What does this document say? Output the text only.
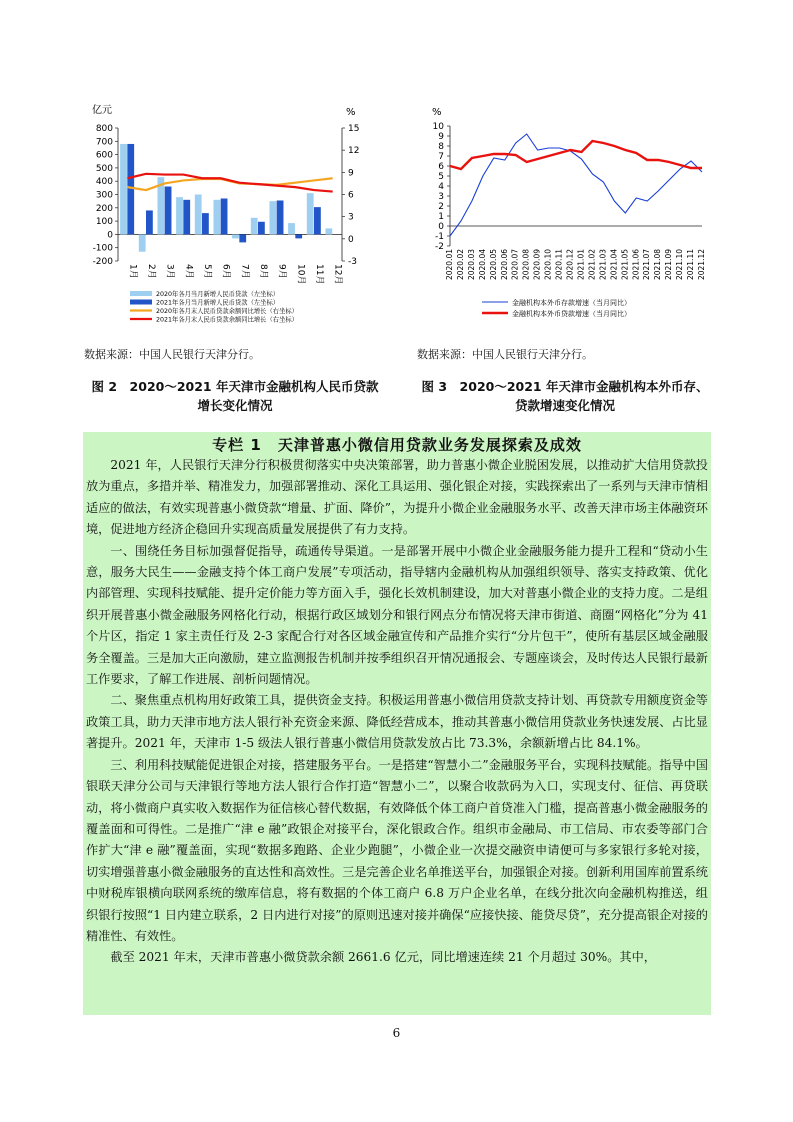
亿元	%
-200
-100
0
100
200
300
400
500
600
700
800
-3
0
3
6
9
12
15
1月 2月 3月 4月 5月 6月 7月 8月 9月 10月 11月 12月
2020年各月当月新增人民币贷款（左坐标）
2021年各月当月新增人民币贷款（左坐标）
2020年各月末人民币贷款余额同比增长（右坐标）
2021年各月末人民币贷款余额同比增长（右坐标）
%
-2
-1
0
1
2
3
4
5
6
7
8
9
10
2020.01 2020.02 2020.03 2020.04 2020.05 2020.06 2020.07 2020.08 2020.09 2020.10 2020.11 2020.12 2021.01 2021.02 2021.03 2021.04 2021.05 2021.06 2021.07 2021.08 2021.09 2021.10 2021.11 2021.12
金融机构本外币存款增速（当月同比）
金融机构本外币贷款增速（当月同比）
数据来源：中国人民银行天津分行。	数据来源：中国人民银行天津分行。
图 2　2020～2021 年天津市金融机构人民币贷款
增长变化情况
图 3　2020～2021 年天津市金融机构本外币存、
贷款增速变化情况
专栏 1　天津普惠小微信用贷款业务发展探索及成效

2021 年，人民银行天津分行积极贯彻落实中央决策部署，助力普惠小微企业脱困发展，以推动扩大信用贷款投放为重点，多措并举、精准发力，加强部署推动、深化工具运用、强化银企对接，实践探索出了一系列与天津市情相适应的做法，有效实现普惠小微贷款“增量、扩面、降价”，为提升小微企业金融服务水平、改善天津市场主体融资环境，促进地方经济企稳回升实现高质量发展提供了有力支持。

一、围绕任务目标加强督促指导，疏通传导渠道。一是部署开展中小微企业金融服务能力提升工程和“贷动小生意，服务大民生——金融支持个体工商户发展”专项活动，指导辖内金融机构从加强组织领导、落实支持政策、优化内部管理、实现科技赋能、提升定价能力等方面入手，强化长效机制建设，加大对普惠小微企业的支持力度。二是组织开展普惠小微金融服务网格化行动，根据行政区域划分和银行网点分布情况将天津市街道、商圈“网格化”分为 41 个片区，指定 1 家主责任行及 2-3 家配合行对各区域金融宣传和产品推介实行“分片包干”，使所有基层区域金融服务全覆盖。三是加大正向激励，建立监测报告机制并按季组织召开情况通报会、专题座谈会，及时传达人民银行最新工作要求，了解工作进展、剖析问题情况。

二、聚焦重点机构用好政策工具，提供资金支持。积极运用普惠小微信用贷款支持计划、再贷款专用额度资金等政策工具，助力天津市地方法人银行补充资金来源、降低经营成本，推动其普惠小微信用贷款业务快速发展、占比显著提升。2021 年，天津市 1-5 级法人银行普惠小微信用贷款发放占比 73.3%，余额新增占比 84.1%。

三、利用科技赋能促进银企对接，搭建服务平台。一是搭建“智慧小二”金融服务平台，实现科技赋能。指导中国银联天津分公司与天津银行等地方法人银行合作打造“智慧小二”，以聚合收款码为入口，实现支付、征信、再贷联动，将小微商户真实收入数据作为征信核心替代数据，有效降低个体工商户首贷准入门槛，提高普惠小微金融服务的覆盖面和可得性。二是推广“津 e 融”政银企对接平台，深化银政合作。组织市金融局、市工信局、市农委等部门合作扩大“津 e 融”覆盖面，实现“数据多跑路、企业少跑腿”，小微企业一次提交融资申请便可与多家银行多轮对接，切实增强普惠小微金融服务的直达性和高效性。三是完善企业名单推送平台，加强银企对接。创新利用国库前置系统中财税库银横向联网系统的缴库信息，将有数据的个体工商户 6.8 万户企业名单，在线分批次向金融机构推送，组织银行按照“1 日内建立联系，2 日内进行对接”的原则迅速对接并确保“应接快接、能贷尽贷”，充分提高银企对接的精准性、有效性。

截至 2021 年末，天津市普惠小微贷款余额 2661.6 亿元，同比增速连续 21 个月超过 30%。其中，

6
